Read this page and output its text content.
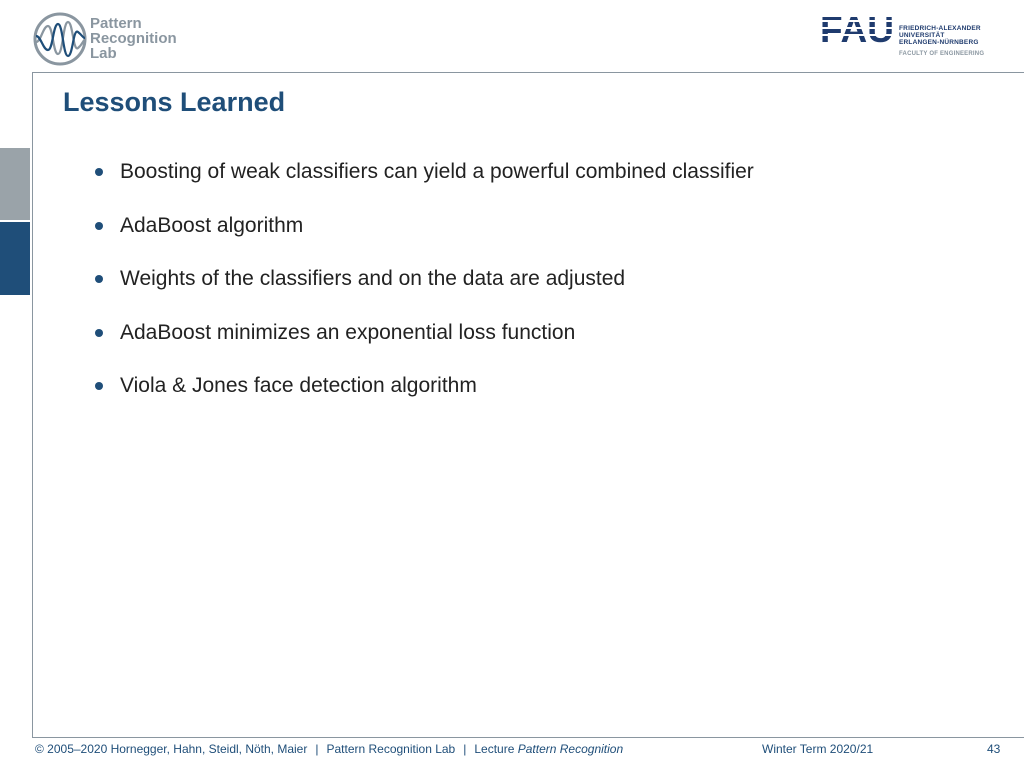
Pattern
Recognition
Lab
FRIEDRICH-ALEXANDER
UNIVERSITÄT
ERLANGEN-NÜRNBERG
FACULTY OF ENGINEERING
Lessons Learned
Boosting of weak classifiers can yield a powerful combined classifier
AdaBoost algorithm
Weights of the classifiers and on the data are adjusted
AdaBoost minimizes an exponential loss function
Viola & Jones face detection algorithm
© 2005–2020 Hornegger, Hahn, Steidl, Nöth, Maier | Pattern Recognition Lab | Lecture Pattern Recognition	Winter Term 2020/21	43
